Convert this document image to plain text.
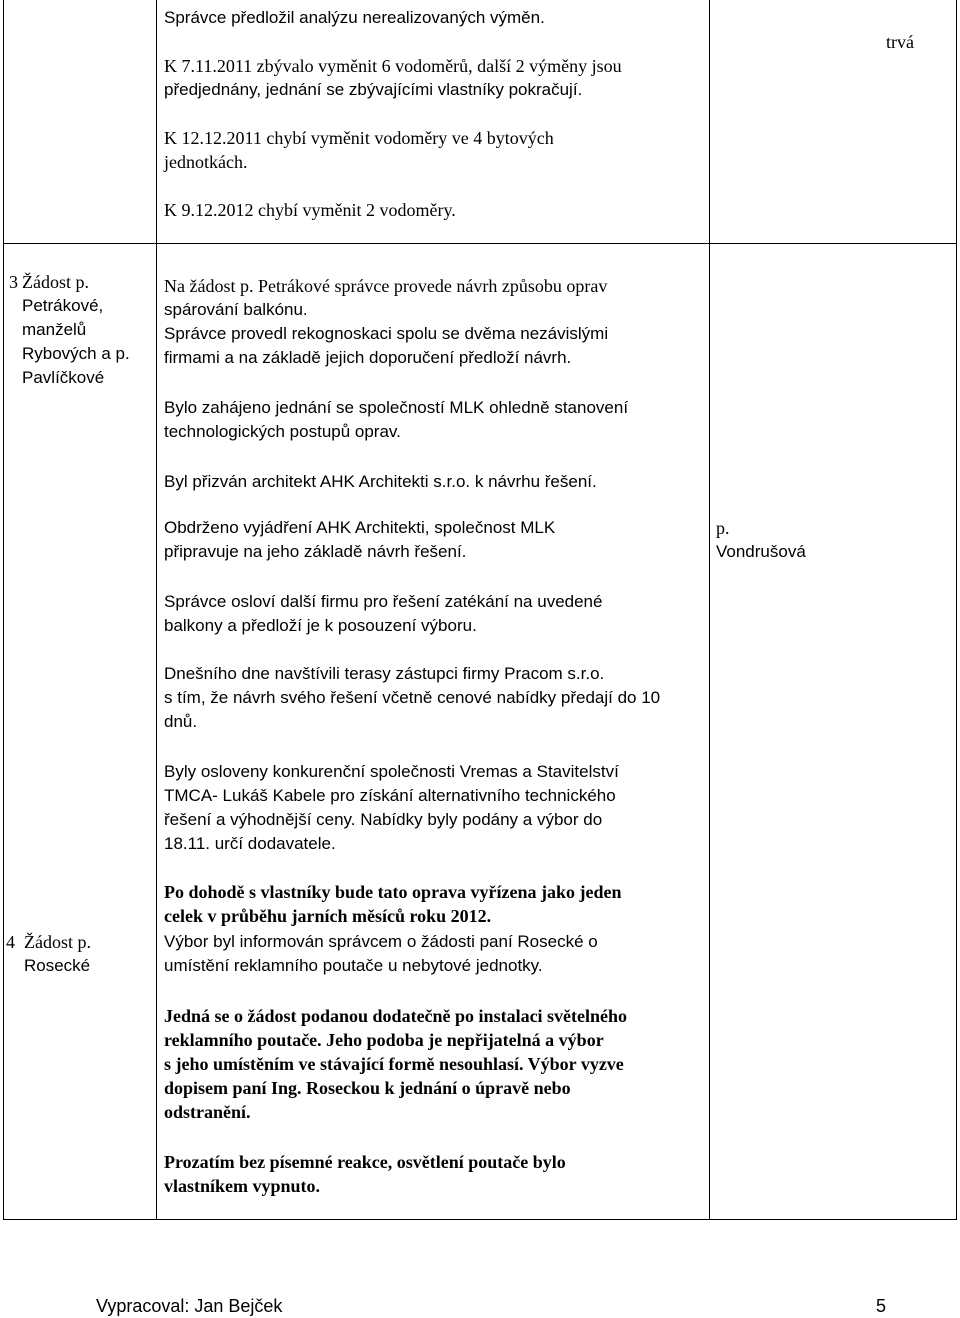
Správce předložil analýzu nerealizovaných výměn.
K 7.11.2011 zbývalo vyměnit 6 vodoměrů, další 2 výměny jsou
předjednány, jednání se zbývajícími vlastníky pokračují.
K 12.12.2011 chybí vyměnit vodoměry ve 4 bytových
jednotkách.
K 9.12.2012 chybí vyměnit 2 vodoměry.
trvá
3 Žádost p.
Petrákové,
manželů
Rybových a p.
Pavlíčkové
Na žádost p. Petrákové správce provede návrh způsobu oprav
spárování balkónu.
Správce provedl rekognoskaci spolu se dvěma nezávislými
firmami a na základě jejich doporučení předloží návrh.
Bylo zahájeno jednání se společností MLK ohledně stanovení
technologických postupů oprav.
Byl přizván architekt AHK Architekti s.r.o. k návrhu řešení.
Obdrženo vyjádření AHK Architekti, společnost MLK
připravuje na jeho základě návrh řešení.
Správce osloví další firmu pro řešení zatékání na uvedené
balkony a předloží je k posouzení výboru.
Dnešního dne navštívili terasy zástupci firmy Pracom s.r.o.
s tím, že návrh svého řešení včetně cenové nabídky předají do 10
dnů.
Byly osloveny konkurenční společnosti Vremas a Stavitelství
TMCA- Lukáš Kabele pro získání alternativního technického
řešení a výhodnější ceny. Nabídky byly podány a výbor do
18.11. určí dodavatele.
Po dohodě s vlastníky bude tato oprava vyřízena jako jeden
celek v průběhu jarních měsíců roku 2012.
p.
Vondrušová
4 Žádost p.
Rosecké
Výbor byl informován správcem o žádosti paní Rosecké o
umístění reklamního poutače u nebytové jednotky.
Jedná se o žádost podanou dodatečně po instalaci světelného
reklamního poutače. Jeho podoba je nepřijatelná a výbor
s jeho umístěním ve stávající formě nesouhlasí. Výbor vyzve
dopisem paní Ing. Roseckou k jednání o úpravě nebo
odstranění.
Prozatím bez písemné reakce, osvětlení poutače bylo
vlastníkem vypnuto.
Vypracoval: Jan Bejček	5
